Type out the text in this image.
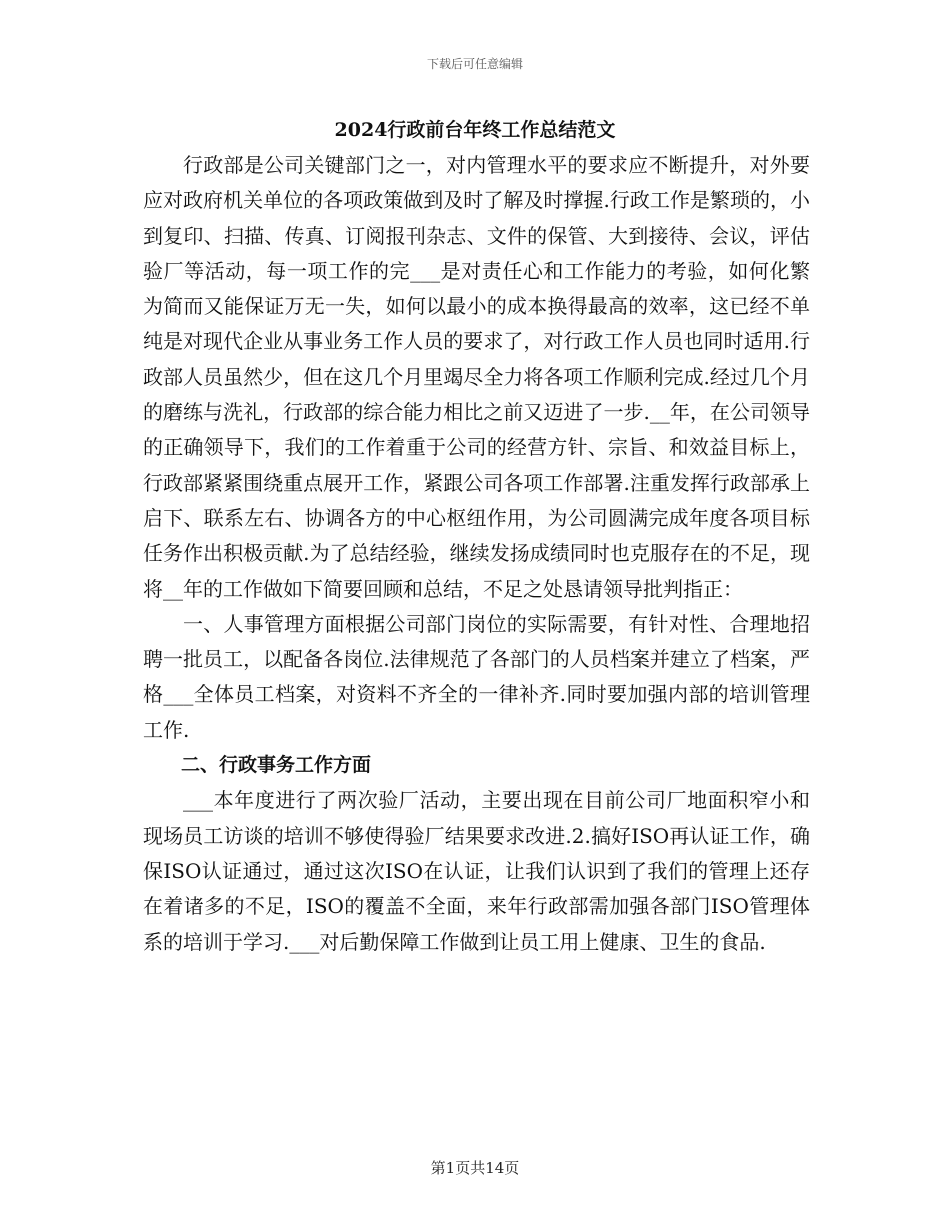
下载后可任意编辑
2024行政前台年终工作总结范文

行政部是公司关键部门之一，对内管理水平的要求应不断提升，对外要应对政府机关单位的各项政策做到及时了解及时撑握.行政工作是繁琐的，小到复印、扫描、传真、订阅报刊杂志、文件的保管、大到接待、会议，评估验厂等活动，每一项工作的完___是对责任心和工作能力的考验，如何化繁为简而又能保证万无一失，如何以最小的成本换得最高的效率，这已经不单纯是对现代企业从事业务工作人员的要求了，对行政工作人员也同时适用.行政部人员虽然少，但在这几个月里竭尽全力将各项工作顺利完成.经过几个月的磨练与洗礼，行政部的综合能力相比之前又迈进了一步.__年，在公司领导的正确领导下，我们的工作着重于公司的经营方针、宗旨、和效益目标上，行政部紧紧围绕重点展开工作，紧跟公司各项工作部署.注重发挥行政部承上启下、联系左右、协调各方的中心枢纽作用，为公司圆满完成年度各项目标任务作出积极贡献.为了总结经验，继续发扬成绩同时也克服存在的不足，现将__年的工作做如下简要回顾和总结，不足之处恳请领导批判指正：

一、人事管理方面根据公司部门岗位的实际需要，有针对性、合理地招聘一批员工，以配备各岗位.法律规范了各部门的人员档案并建立了档案，严格___全体员工档案，对资料不齐全的一律补齐.同时要加强内部的培训管理工作.

二、行政事务工作方面

___本年度进行了两次验厂活动，主要出现在目前公司厂地面积窄小和现场员工访谈的培训不够使得验厂结果要求改进.2.搞好ISO再认证工作，确保ISO认证通过，通过这次ISO在认证，让我们认识到了我们的管理上还存在着诸多的不足，ISO的覆盖不全面，来年行政部需加强各部门ISO管理体系的培训于学习.___对后勤保障工作做到让员工用上健康、卫生的食品.

第1页共14页
